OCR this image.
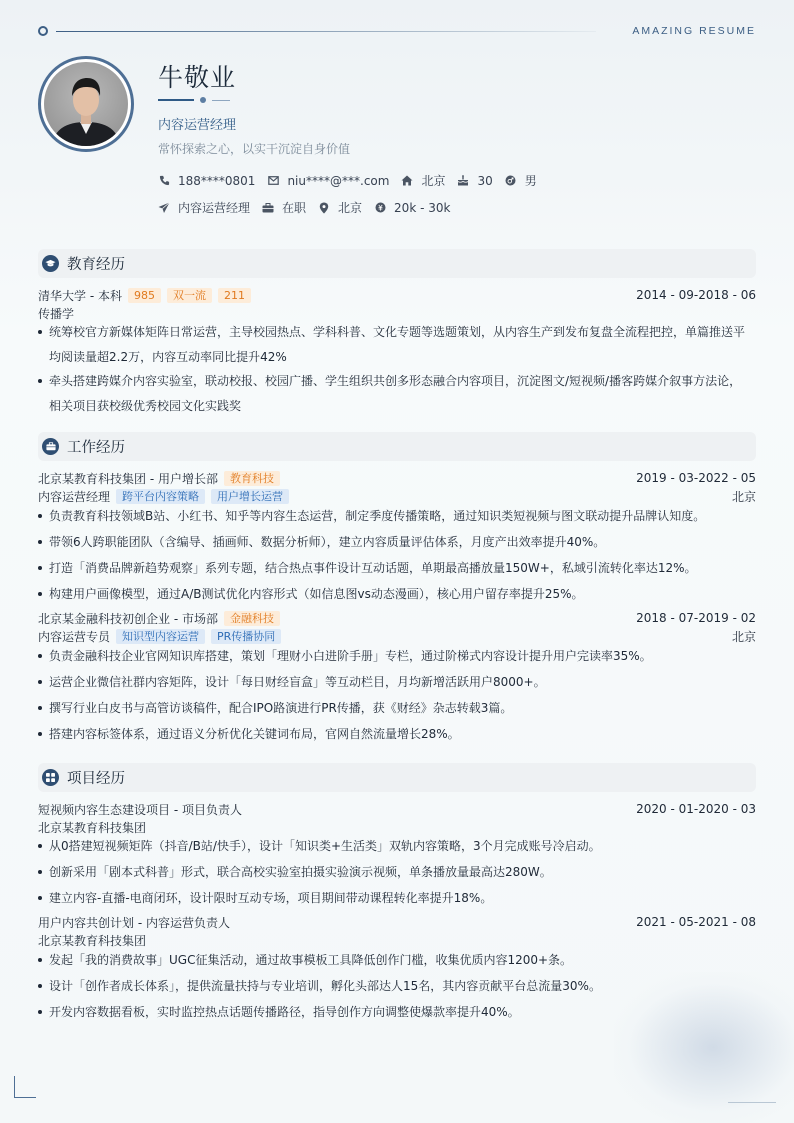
AMAZING RESUME
牛敬业
内容运营经理
常怀探索之心，以实干沉淀自身价值
188****0801	niu****@***.com	北京	30	男
内容运营经理	在职	北京	20k - 30k
教育经历
清华大学 - 本科	985	双一流	211	2014 - 09-2018 - 06
传播学
统筹校官方新媒体矩阵日常运营，主导校园热点、学科科普、文化专题等选题策划，从内容生产到发布复盘全流程把控，单篇推送平
均阅读量超2.2万，内容互动率同比提升42%
牵头搭建跨媒介内容实验室，联动校报、校园广播、学生组织共创多形态融合内容项目，沉淀图文/短视频/播客跨媒介叙事方法论，
相关项目获校级优秀校园文化实践奖
工作经历
北京某教育科技集团 - 用户增长部	教育科技	2019 - 03-2022 - 05
内容运营经理	跨平台内容策略	用户增长运营	北京
负责教育科技领域B站、小红书、知乎等内容生态运营，制定季度传播策略，通过知识类短视频与图文联动提升品牌认知度。
带领6人跨职能团队（含编导、插画师、数据分析师），建立内容质量评估体系，月度产出效率提升40%。
打造「消费品牌新趋势观察」系列专题，结合热点事件设计互动话题，单期最高播放量150W+，私域引流转化率达12%。
构建用户画像模型，通过A/B测试优化内容形式（如信息图vs动态漫画），核心用户留存率提升25%。
北京某金融科技初创企业 - 市场部	金融科技	2018 - 07-2019 - 02
内容运营专员	知识型内容运营	PR传播协同	北京
负责金融科技企业官网知识库搭建，策划「理财小白进阶手册」专栏，通过阶梯式内容设计提升用户完读率35%。
运营企业微信社群内容矩阵，设计「每日财经盲盒」等互动栏目，月均新增活跃用户8000+。
撰写行业白皮书与高管访谈稿件，配合IPO路演进行PR传播，获《财经》杂志转载3篇。
搭建内容标签体系，通过语义分析优化关键词布局，官网自然流量增长28%。
项目经历
短视频内容生态建设项目 - 项目负责人	2020 - 01-2020 - 03
北京某教育科技集团
从0搭建短视频矩阵（抖音/B站/快手），设计「知识类+生活类」双轨内容策略，3个月完成账号冷启动。
创新采用「剧本式科普」形式，联合高校实验室拍摄实验演示视频，单条播放量最高达280W。
建立内容-直播-电商闭环，设计限时互动专场，项目期间带动课程转化率提升18%。
用户内容共创计划 - 内容运营负责人	2021 - 05-2021 - 08
北京某教育科技集团
发起「我的消费故事」UGC征集活动，通过故事模板工具降低创作门槛，收集优质内容1200+条。
设计「创作者成长体系」，提供流量扶持与专业培训，孵化头部达人15名，其内容贡献平台总流量30%。
开发内容数据看板，实时监控热点话题传播路径，指导创作方向调整使爆款率提升40%。
